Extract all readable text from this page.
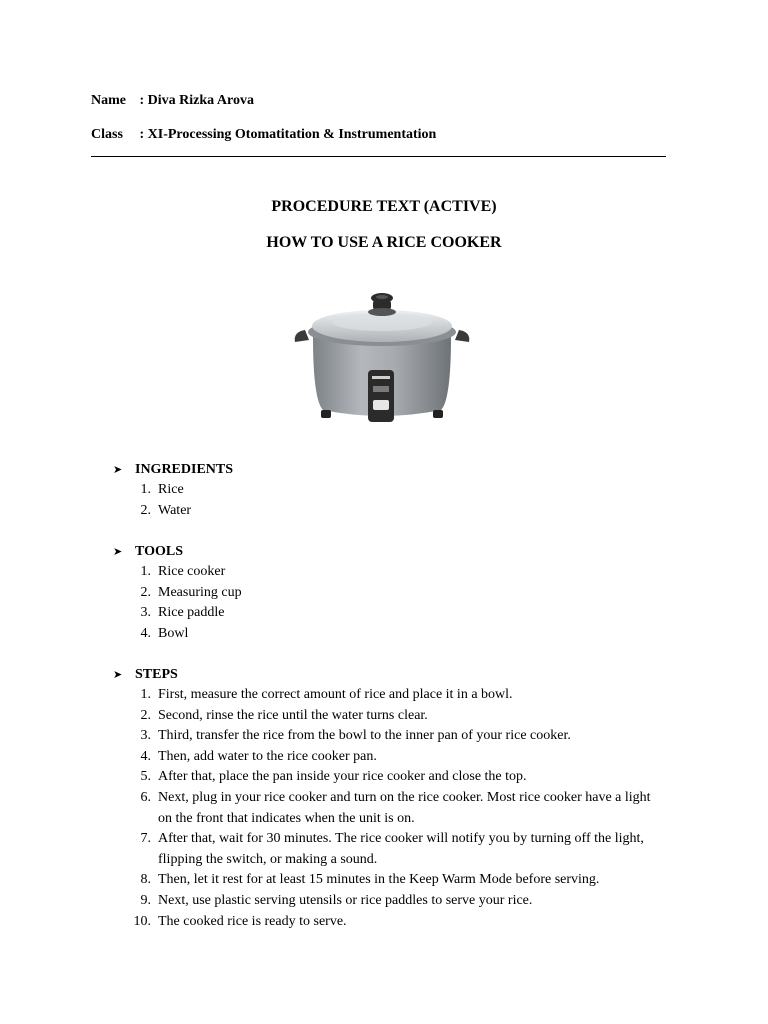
Name : Diva Rizka Arova
Class : XI-Processing Otomatitation & Instrumentation
PROCEDURE TEXT (ACTIVE)
HOW TO USE A RICE COOKER
➤ INGREDIENTS
1. Rice
2. Water
➤ TOOLS
1. Rice cooker
2. Measuring cup
3. Rice paddle
4. Bowl
➤ STEPS
1. First, measure the correct amount of rice and place it in a bowl.
2. Second, rinse the rice until the water turns clear.
3. Third, transfer the rice from the bowl to the inner pan of your rice cooker.
4. Then, add water to the rice cooker pan.
5. After that, place the pan inside your rice cooker and close the top.
6. Next, plug in your rice cooker and turn on the rice cooker. Most rice cooker have a light on the front that indicates when the unit is on.
7. After that, wait for 30 minutes. The rice cooker will notify you by turning off the light, flipping the switch, or making a sound.
8. Then, let it rest for at least 15 minutes in the Keep Warm Mode before serving.
9. Next, use plastic serving utensils or rice paddles to serve your rice.
10. The cooked rice is ready to serve.
